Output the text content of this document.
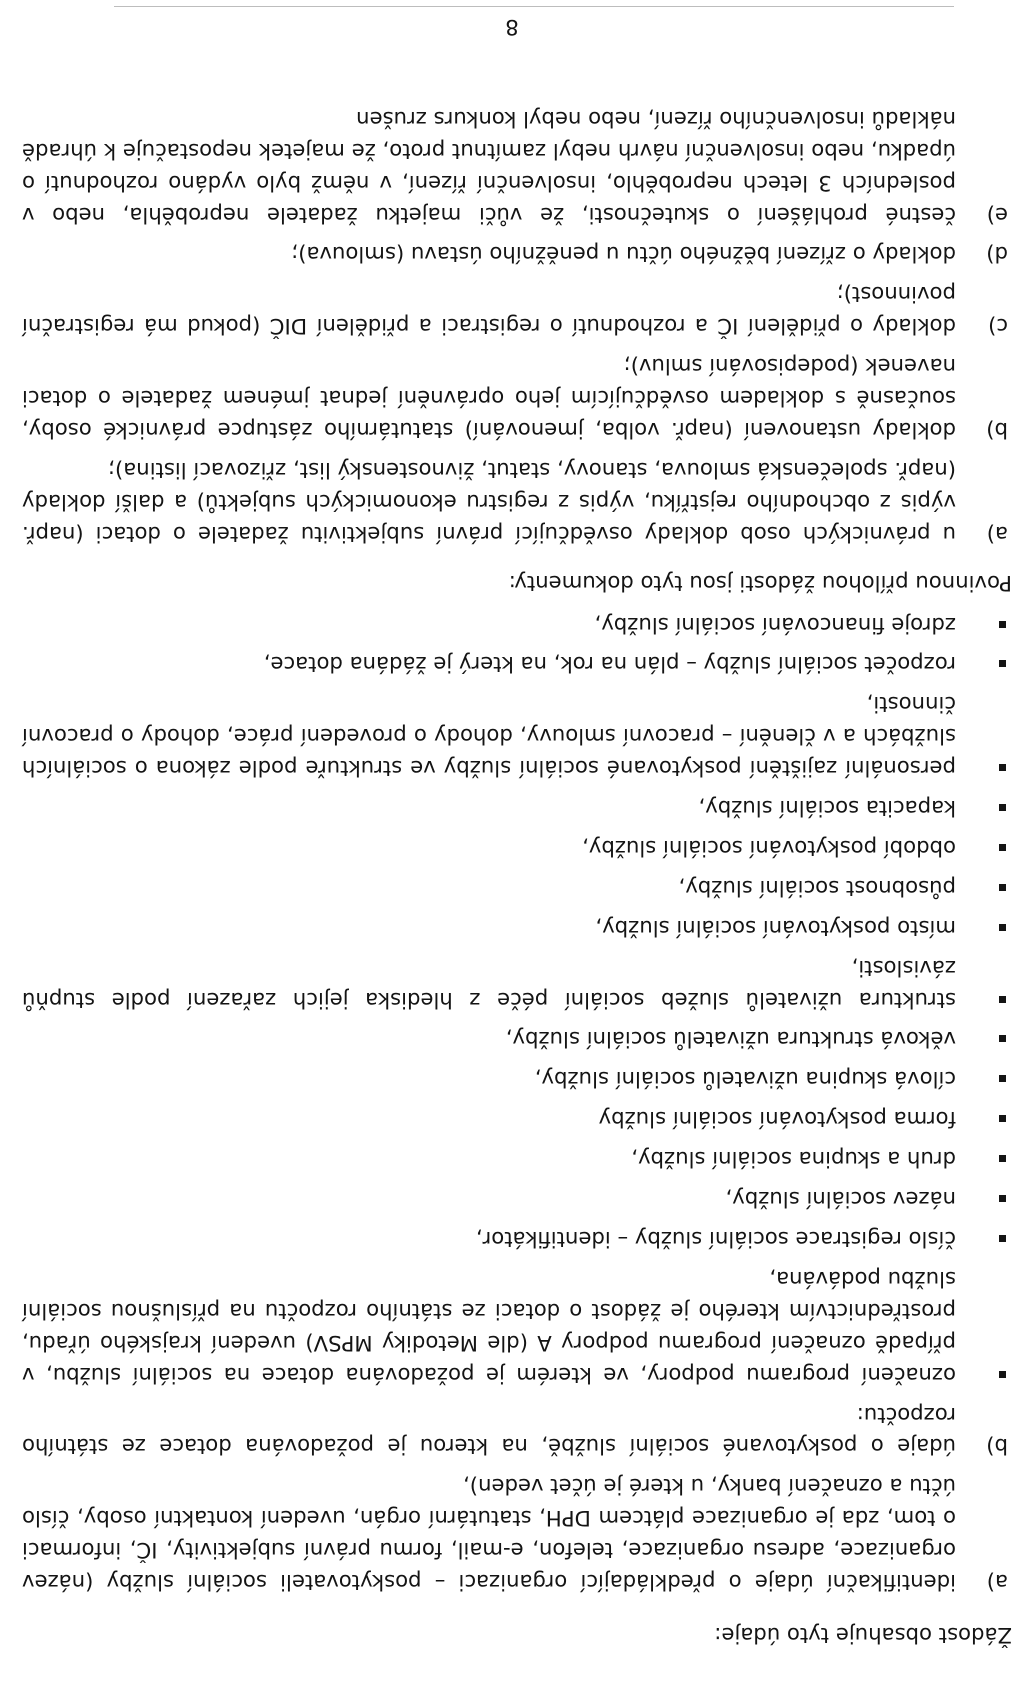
Žádost obsahuje tyto údaje:
a)
identifikační údaje o předkládající organizaci – poskytovateli sociální služby (název organizace, adresu organizace, telefon, e-mail, formu právní subjektivity, IČ, informaci o tom, zda je organizace plátcem DPH, statutární orgán, uvedení kontaktní osoby, číslo účtu a označení banky, u které je účet veden),
b)
údaje o poskytované sociální službě, na kterou je požadována dotace ze státního rozpočtu:
označení programu podpory, ve kterém je požadována dotace na sociální službu, v případě označení programu podpory A (dle Metodiky MPSV) uvedení krajského úřadu, prostřednictvím kterého je žádost o dotaci ze státního rozpočtu na příslušnou sociální službu podávána,
číslo registrace sociální služby – identifikátor,
název sociální služby,
druh a skupina sociální služby,
forma poskytování sociální služby
cílová skupina uživatelů sociální služby,
věková struktura uživatelů sociální služby,
struktura uživatelů služeb sociální péče z hlediska jejich zařazení podle stupňů závislosti,
místo poskytování sociální služby,
působnost sociální služby,
období poskytování sociální služby,
kapacita sociální služby,
personální zajištění poskytované sociální služby ve struktuře podle zákona o sociálních službách a v členění – pracovní smlouvy, dohody o provedení práce, dohody o pracovní činnosti,
rozpočet sociální služby – plán na rok, na který je žádána dotace,
zdroje financování sociální služby,
Povinnou přílohou žádosti jsou tyto dokumenty:
a)
u právnických osob doklady osvědčující právní subjektivitu žadatele o dotaci (např. výpis z obchodního rejstříku, výpis z registru ekonomických subjektů) a další doklady (např. společenská smlouva, stanovy, statut, živnostenský list, zřizovací listina);
b)
doklady ustanovení (např. volba, jmenování) statutárního zástupce právnické osoby, současně s dokladem osvědčujícím jeho oprávnění jednat jménem žadatele o dotaci navenek (podepisování smluv);
c)
doklady o přidělení IČ a rozhodnutí o registraci a přidělení DIČ (pokud má registrační povinnost);
d)
doklady o zřízení běžného účtu u peněžního ústavu (smlouva);
e)
čestné prohlášení o skutečnosti, že vůči majetku žadatele neproběhla, nebo v posledních 3 letech neproběhlo, insolvenční řízení, v němž bylo vydáno rozhodnutí o úpadku, nebo insolvenční návrh nebyl zamítnut proto, že majetek nepostačuje k úhradě nákladů insolvenčního řízení, nebo nebyl konkurs zrušen
8
